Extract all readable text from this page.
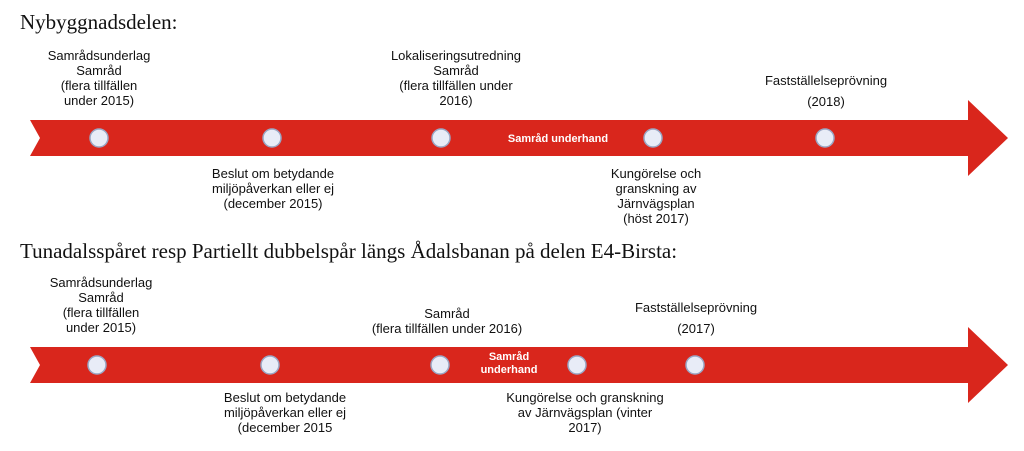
Nybyggnadsdelen:
Samråd underhand
Samrådsunderlag
Samråd
(flera tillfällen
under 2015)
Lokaliseringsutredning
Samråd
(flera tillfällen under
2016)
Fastställelseprövning
(2018)
Beslut om betydande
miljöpåverkan eller ej
(december 2015)
Kungörelse och
granskning av
Järnvägsplan
(höst 2017)
Tunadalsspåret resp Partiellt dubbelspår längs Ådalsbanan på delen E4-Birsta:
Samråd
underhand
Samrådsunderlag
Samråd
(flera tillfällen
under 2015)
Samråd
(flera tillfällen under 2016)
Fastställelseprövning
(2017)
Beslut om betydande
miljöpåverkan eller ej
(december 2015
Kungörelse och granskning
av Järnvägsplan (vinter
2017)
